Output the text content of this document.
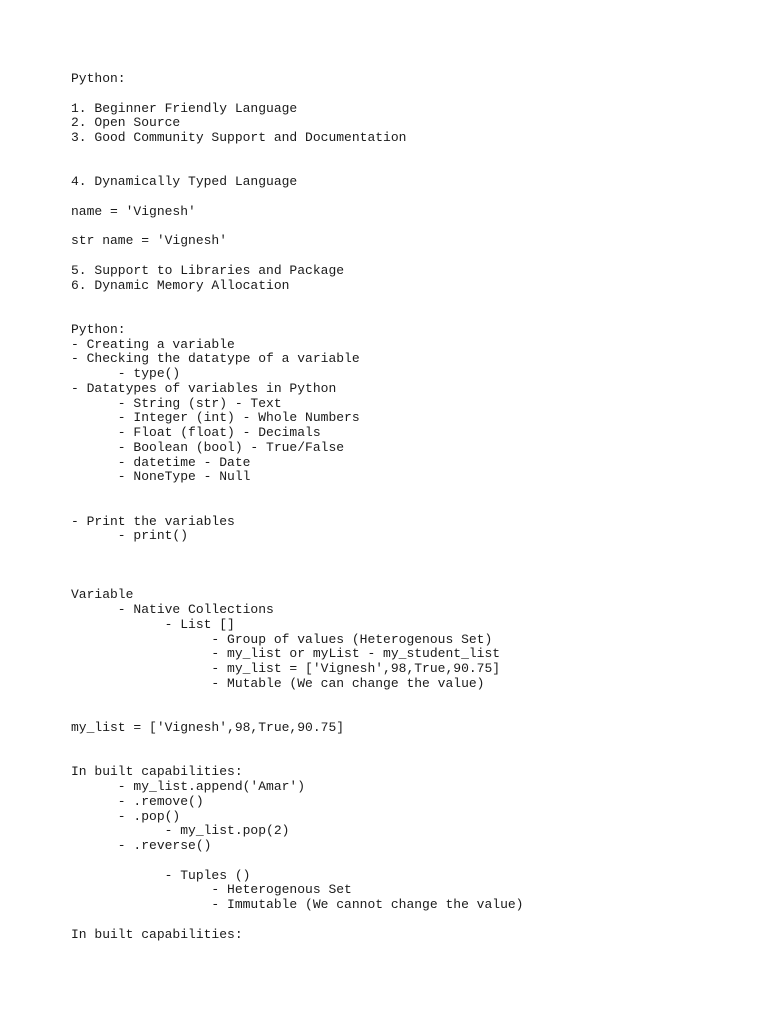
Python:
1. Beginner Friendly Language
2. Open Source
3. Good Community Support and Documentation
4. Dynamically Typed Language
name = 'Vignesh'
str name = 'Vignesh'
5. Support to Libraries and Package
6. Dynamic Memory Allocation
Python:
- Creating a variable
- Checking the datatype of a variable
- type()
- Datatypes of variables in Python
- String (str) - Text
- Integer (int) - Whole Numbers
- Float (float) - Decimals
- Boolean (bool) - True/False
- datetime - Date
- NoneType - Null
- Print the variables
- print()
Variable
- Native Collections
- List []
- Group of values (Heterogenous Set)
- my_list or myList - my_student_list
- my_list = ['Vignesh',98,True,90.75]
- Mutable (We can change the value)
my_list = ['Vignesh',98,True,90.75]
In built capabilities:
- my_list.append('Amar')
- .remove()
- .pop()
- my_list.pop(2)
- .reverse()
- Tuples ()
- Heterogenous Set
- Immutable (We cannot change the value)
In built capabilities:
